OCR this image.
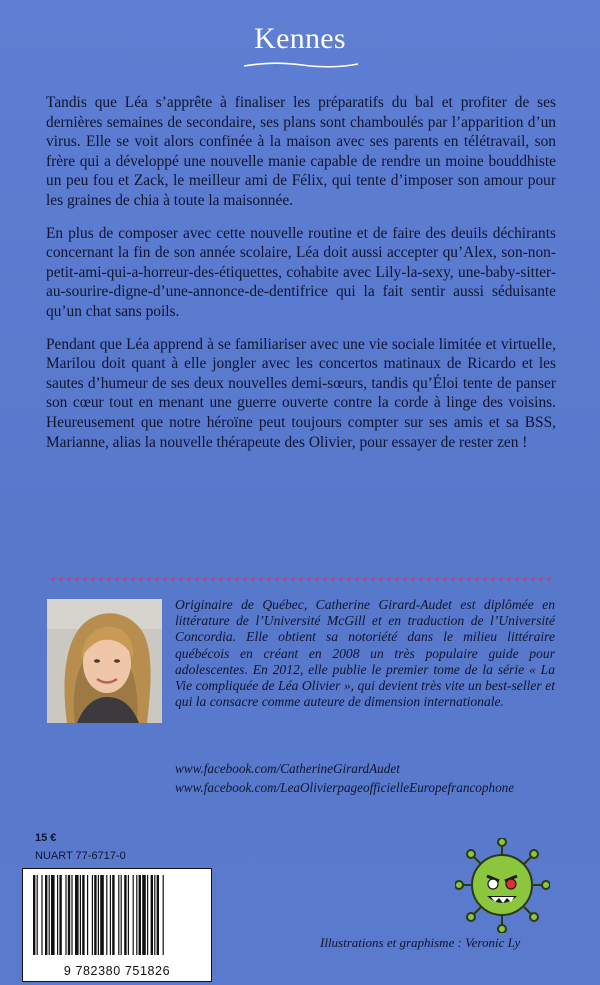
Kennes

Tandis que Léa s’apprête à finaliser les préparatifs du bal et profiter de ses dernières semaines de secondaire, ses plans sont chamboulés par l’apparition d’un virus. Elle se voit alors confinée à la maison avec ses parents en télétravail, son frère qui a développé une nouvelle manie capable de rendre un moine bouddhiste un peu fou et Zack, le meilleur ami de Félix, qui tente d’imposer son amour pour les graines de chia à toute la maisonnée.

En plus de composer avec cette nouvelle routine et de faire des deuils déchirants concernant la fin de son année scolaire, Léa doit aussi accepter qu’Alex, son-non-petit-ami-qui-a-horreur-des-étiquettes, cohabite avec Lily-la-sexy, une-baby-sitter-au-sourire-digne-d’une-annonce-de-dentifrice qui la fait sentir aussi séduisante qu’un chat sans poils.

Pendant que Léa apprend à se familiariser avec une vie sociale limitée et virtuelle, Marilou doit quant à elle jongler avec les concertos matinaux de Ricardo et les sautes d’humeur de ses deux nouvelles demi-sœurs, tandis qu’Éloi tente de panser son cœur tout en menant une guerre ouverte contre la corde à linge des voisins. Heureusement que notre héroïne peut toujours compter sur ses amis et sa BSS, Marianne, alias la nouvelle thérapeute des Olivier, pour essayer de rester zen !

Originaire de Québec, Catherine Girard-Audet est diplômée en littérature de l’Université McGill et en traduction de l’Université Concordia. Elle obtient sa notoriété dans le milieu littéraire québécois en créant en 2008 un très populaire guide pour adolescentes. En 2012, elle publie le premier tome de la série « La Vie compliquée de Léa Olivier », qui devient très vite un best-seller et qui la consacre comme auteure de dimension internationale.
www.facebook.com/CatherineGirardAudet
www.facebook.com/LeaOlivierpageofficielleEuropefrancophone
15 €
NUART 77-6717-0
9 782380 751826
Illustrations et graphisme : Veronic Ly
